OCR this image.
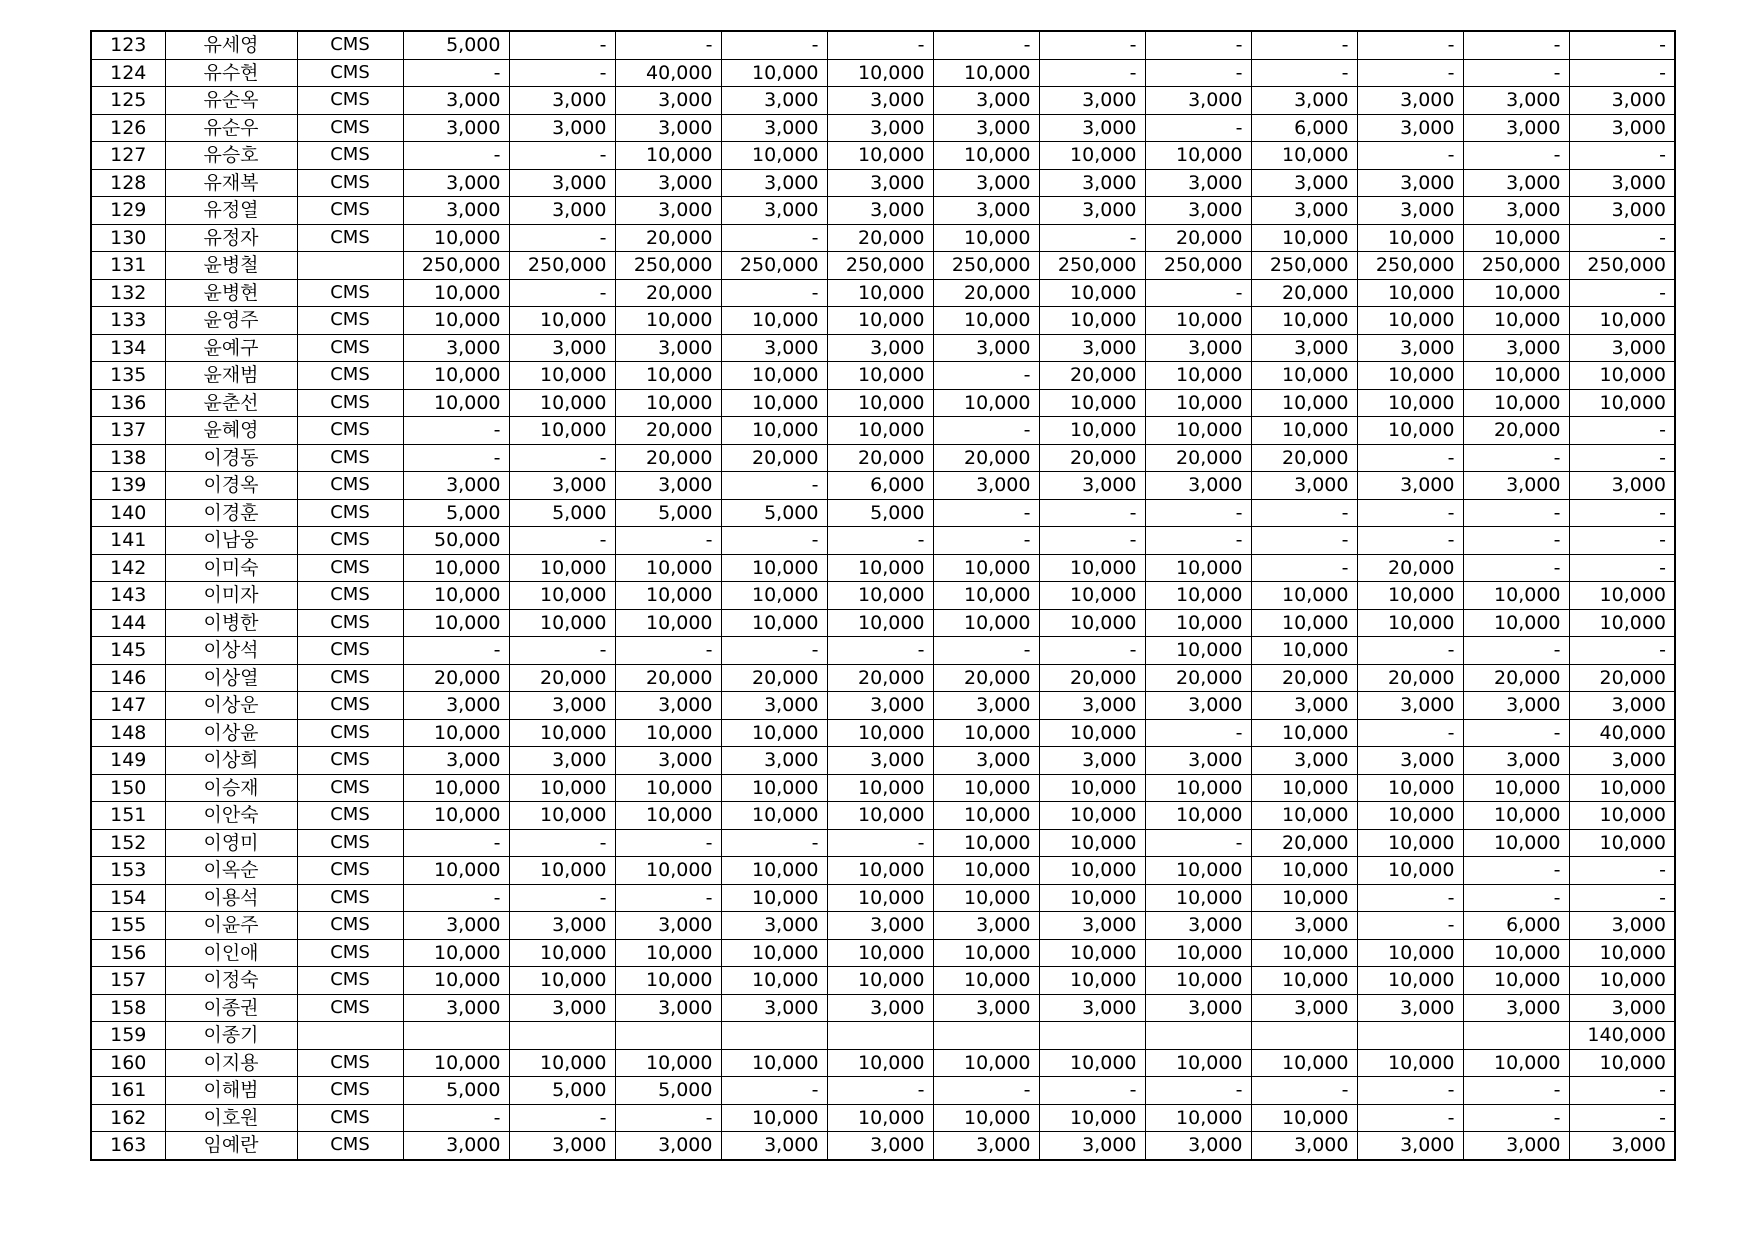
123	유세영	CMS	5,000	-	-	-	-	-	-	-	-	-	-	-
124	유수현	CMS	-	-	40,000	10,000	10,000	10,000	-	-	-	-	-	-
125	유순옥	CMS	3,000	3,000	3,000	3,000	3,000	3,000	3,000	3,000	3,000	3,000	3,000	3,000
126	유순우	CMS	3,000	3,000	3,000	3,000	3,000	3,000	3,000	-	6,000	3,000	3,000	3,000
127	유승호	CMS	-	-	10,000	10,000	10,000	10,000	10,000	10,000	10,000	-	-	-
128	유재복	CMS	3,000	3,000	3,000	3,000	3,000	3,000	3,000	3,000	3,000	3,000	3,000	3,000
129	유정열	CMS	3,000	3,000	3,000	3,000	3,000	3,000	3,000	3,000	3,000	3,000	3,000	3,000
130	유정자	CMS	10,000	-	20,000	-	20,000	10,000	-	20,000	10,000	10,000	10,000	-
131	윤병철		250,000	250,000	250,000	250,000	250,000	250,000	250,000	250,000	250,000	250,000	250,000	250,000
132	윤병현	CMS	10,000	-	20,000	-	10,000	20,000	10,000	-	20,000	10,000	10,000	-
133	윤영주	CMS	10,000	10,000	10,000	10,000	10,000	10,000	10,000	10,000	10,000	10,000	10,000	10,000
134	윤예구	CMS	3,000	3,000	3,000	3,000	3,000	3,000	3,000	3,000	3,000	3,000	3,000	3,000
135	윤재범	CMS	10,000	10,000	10,000	10,000	10,000	-	20,000	10,000	10,000	10,000	10,000	10,000
136	윤춘선	CMS	10,000	10,000	10,000	10,000	10,000	10,000	10,000	10,000	10,000	10,000	10,000	10,000
137	윤혜영	CMS	-	10,000	20,000	10,000	10,000	-	10,000	10,000	10,000	10,000	20,000	-
138	이경동	CMS	-	-	20,000	20,000	20,000	20,000	20,000	20,000	20,000	-	-	-
139	이경옥	CMS	3,000	3,000	3,000	-	6,000	3,000	3,000	3,000	3,000	3,000	3,000	3,000
140	이경훈	CMS	5,000	5,000	5,000	5,000	5,000	-	-	-	-	-	-	-
141	이남웅	CMS	50,000	-	-	-	-	-	-	-	-	-	-	-
142	이미숙	CMS	10,000	10,000	10,000	10,000	10,000	10,000	10,000	10,000	-	20,000	-	-
143	이미자	CMS	10,000	10,000	10,000	10,000	10,000	10,000	10,000	10,000	10,000	10,000	10,000	10,000
144	이병한	CMS	10,000	10,000	10,000	10,000	10,000	10,000	10,000	10,000	10,000	10,000	10,000	10,000
145	이상석	CMS	-	-	-	-	-	-	-	10,000	10,000	-	-	-
146	이상열	CMS	20,000	20,000	20,000	20,000	20,000	20,000	20,000	20,000	20,000	20,000	20,000	20,000
147	이상운	CMS	3,000	3,000	3,000	3,000	3,000	3,000	3,000	3,000	3,000	3,000	3,000	3,000
148	이상윤	CMS	10,000	10,000	10,000	10,000	10,000	10,000	10,000	-	10,000	-	-	40,000
149	이상희	CMS	3,000	3,000	3,000	3,000	3,000	3,000	3,000	3,000	3,000	3,000	3,000	3,000
150	이승재	CMS	10,000	10,000	10,000	10,000	10,000	10,000	10,000	10,000	10,000	10,000	10,000	10,000
151	이안숙	CMS	10,000	10,000	10,000	10,000	10,000	10,000	10,000	10,000	10,000	10,000	10,000	10,000
152	이영미	CMS	-	-	-	-	-	10,000	10,000	-	20,000	10,000	10,000	10,000
153	이옥순	CMS	10,000	10,000	10,000	10,000	10,000	10,000	10,000	10,000	10,000	10,000	-	-
154	이용석	CMS	-	-	-	10,000	10,000	10,000	10,000	10,000	10,000	-	-	-
155	이윤주	CMS	3,000	3,000	3,000	3,000	3,000	3,000	3,000	3,000	3,000	-	6,000	3,000
156	이인애	CMS	10,000	10,000	10,000	10,000	10,000	10,000	10,000	10,000	10,000	10,000	10,000	10,000
157	이정숙	CMS	10,000	10,000	10,000	10,000	10,000	10,000	10,000	10,000	10,000	10,000	10,000	10,000
158	이종권	CMS	3,000	3,000	3,000	3,000	3,000	3,000	3,000	3,000	3,000	3,000	3,000	3,000
159	이종기													140,000
160	이지용	CMS	10,000	10,000	10,000	10,000	10,000	10,000	10,000	10,000	10,000	10,000	10,000	10,000
161	이해범	CMS	5,000	5,000	5,000	-	-	-	-	-	-	-	-	-
162	이호원	CMS	-	-	-	10,000	10,000	10,000	10,000	10,000	10,000	-	-	-
163	임예란	CMS	3,000	3,000	3,000	3,000	3,000	3,000	3,000	3,000	3,000	3,000	3,000	3,000
